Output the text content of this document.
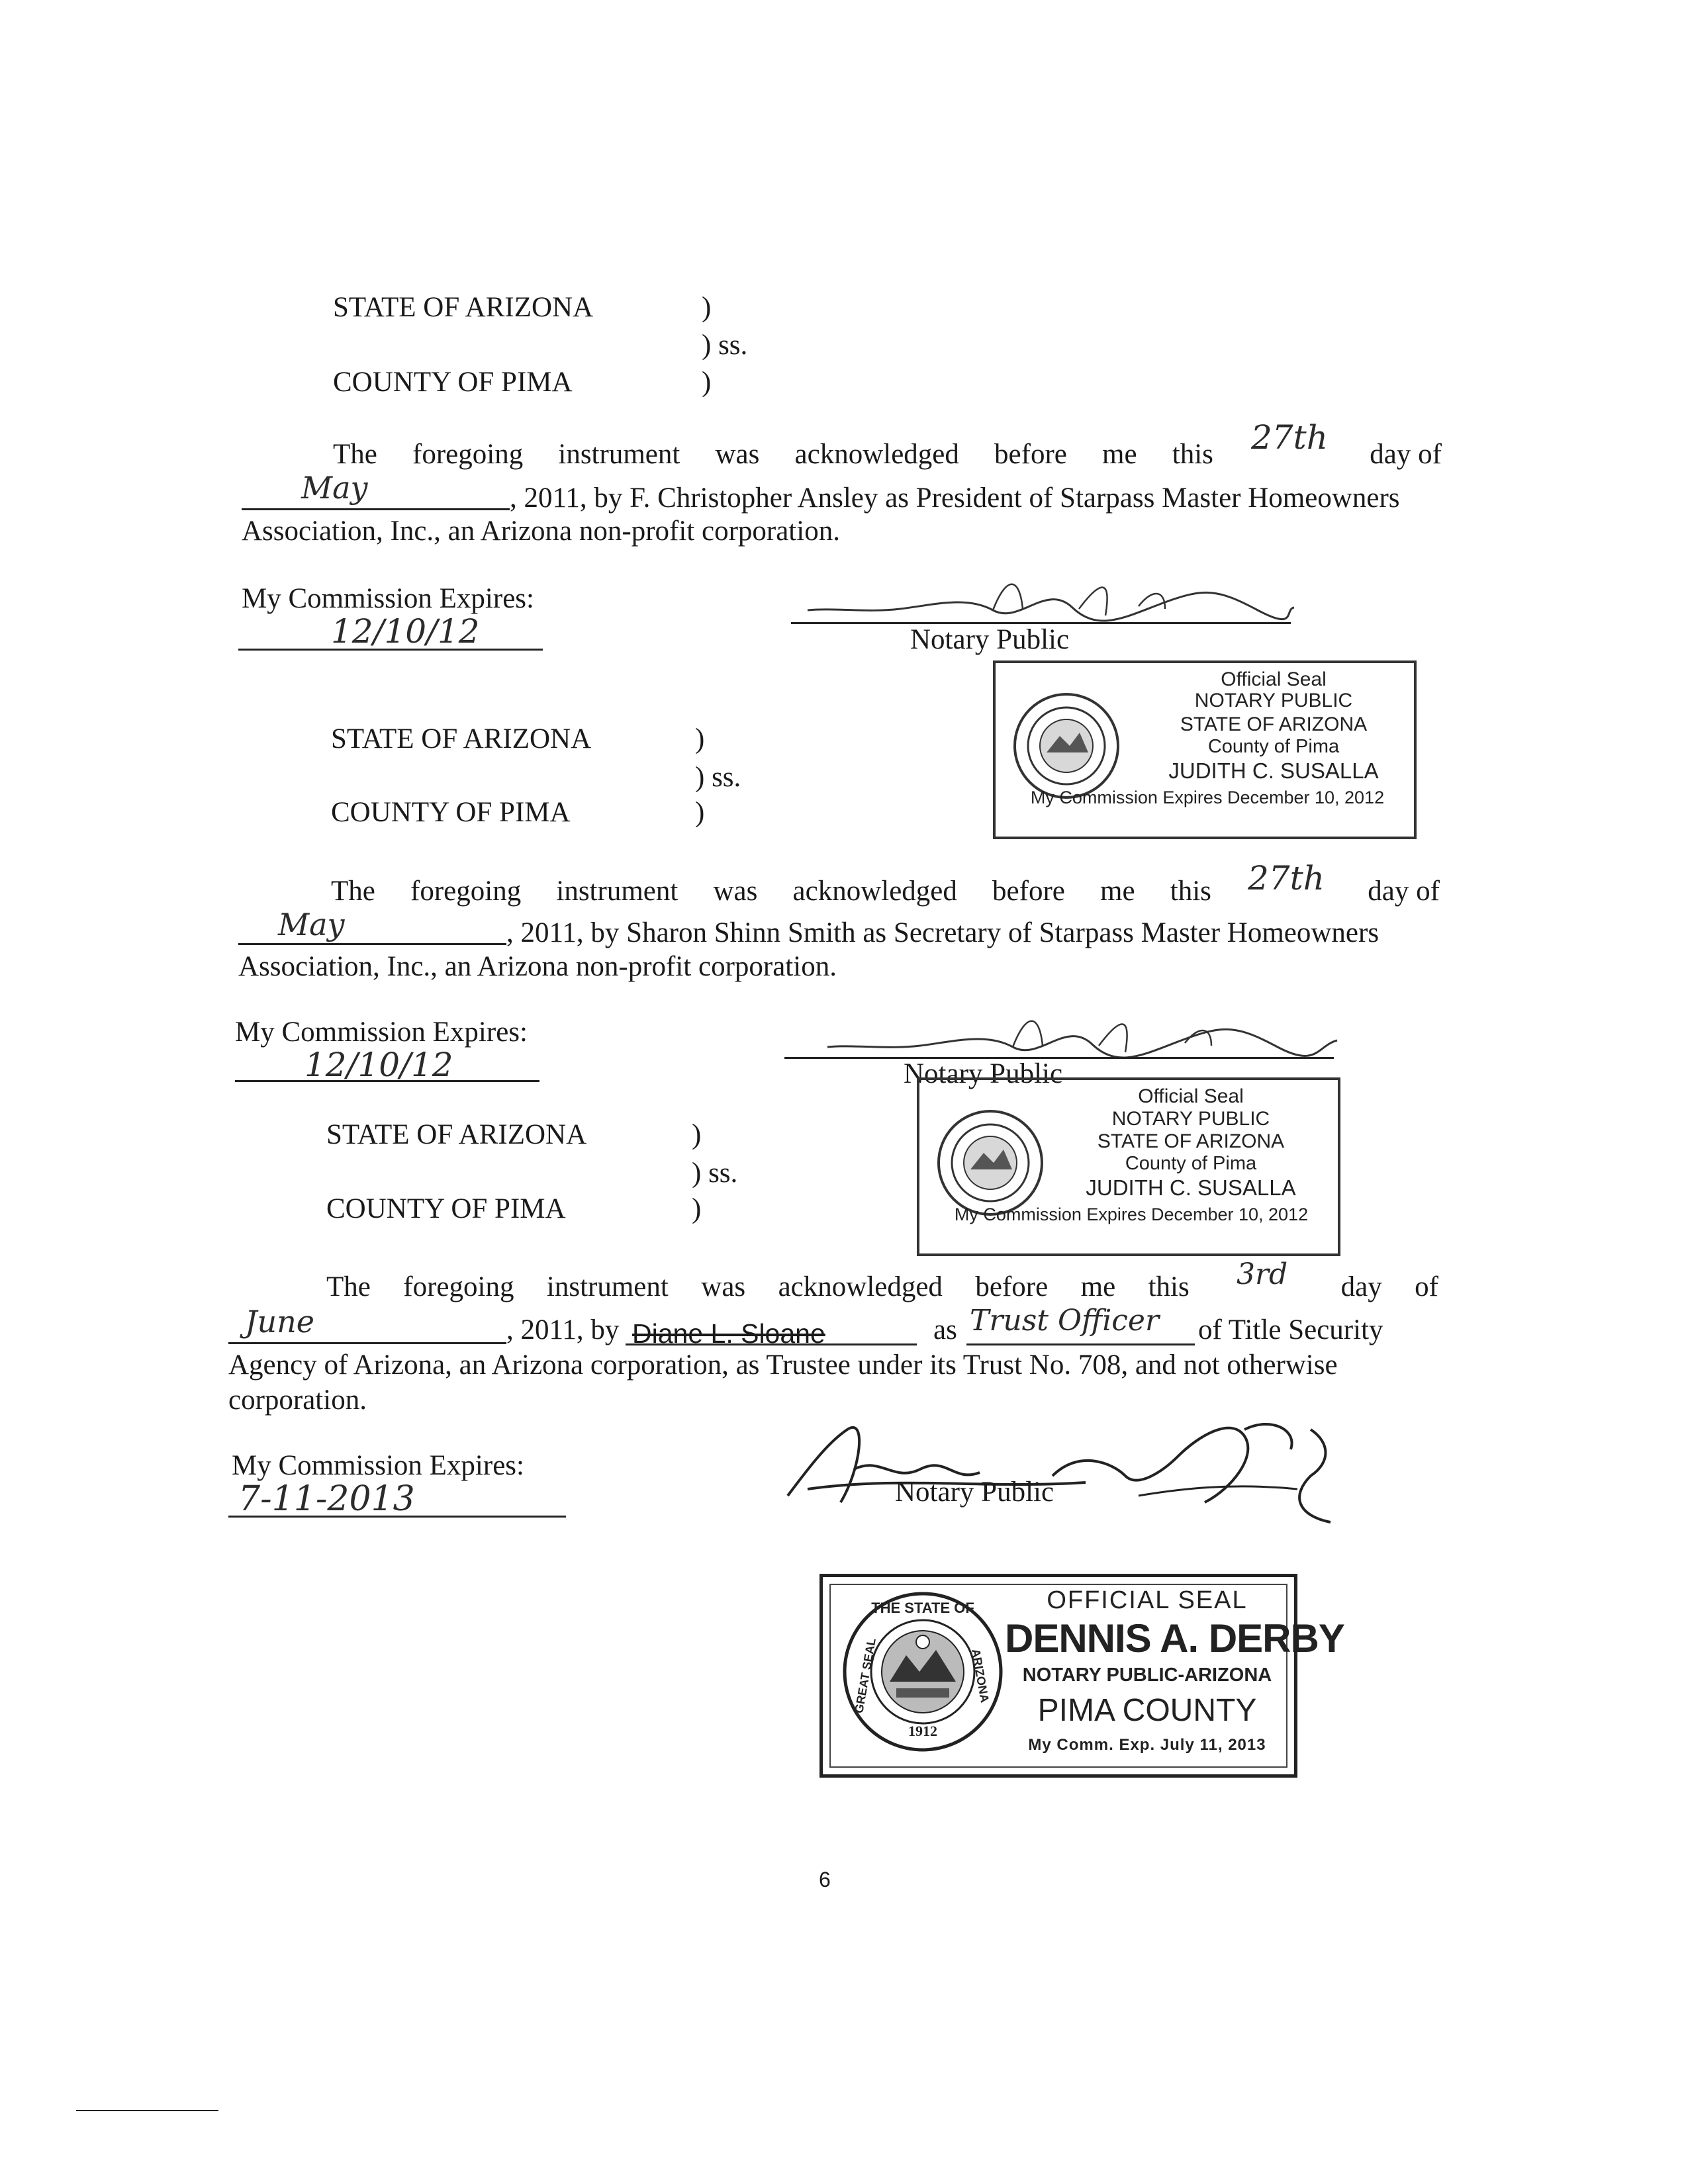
STATE OF ARIZONA	)
) ss.
COUNTY OF PIMA	)
The foregoing instrument was acknowledged before me this	day of
27th
May	, 2011, by F. Christopher Ansley as President of Starpass Master Homeowners
Association, Inc., an Arizona non-profit corporation.
My Commission Expires:
12/10/12	Notary Public
Official Seal
NOTARY PUBLIC
STATE OF ARIZONA
County of Pima
JUDITH C. SUSALLA
My Commission Expires December 10, 2012
STATE OF ARIZONA	)
) ss.
COUNTY OF PIMA	)
The foregoing instrument was acknowledged before me this	day of
27th
May	, 2011, by Sharon Shinn Smith as Secretary of Starpass Master Homeowners
Association, Inc., an Arizona non-profit corporation.
My Commission Expires:
12/10/12	Notary Public
Official Seal
NOTARY PUBLIC
STATE OF ARIZONA
County of Pima
JUDITH C. SUSALLA
My Commission Expires December 10, 2012
STATE OF ARIZONA	)
) ss.
COUNTY OF PIMA	)
The foregoing instrument was acknowledged before me this	day of
3rd
June	, 2011, by Diane L. Sloane	as Trust Officer of Title Security
Agency of Arizona, an Arizona corporation, as Trustee under its Trust No. 708, and not otherwise
corporation.
My Commission Expires:
7-11-2013	Notary Public
THE STATE OF
GREAT SEAL	ARIZONA
1912
OFFICIAL SEAL
DENNIS A. DERBY
NOTARY PUBLIC-ARIZONA
PIMA COUNTY
My Comm. Exp. July 11, 2013
6
